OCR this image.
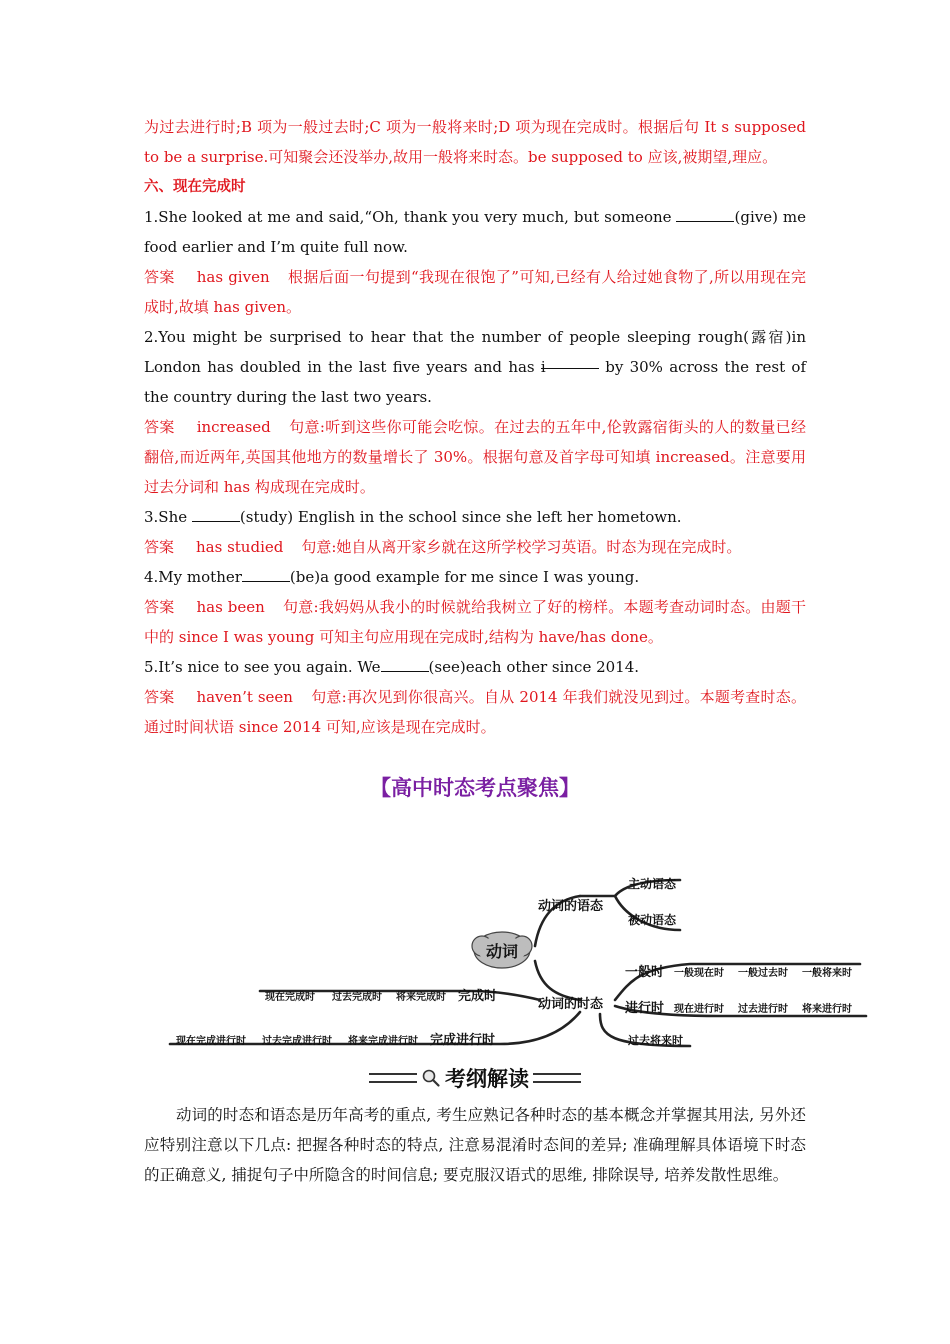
为过去进行时;B 项为一般过去时;C 项为一般将来时;D 项为现在完成时。根据后句 It s supposed to be a surprise.可知聚会还没举办,故用一般将来时态。be supposed to 应该,被期望,理应。

六、现在完成时

1.She looked at me and said,“Oh, thank you very much, but someone	(give) me food earlier and I’m quite full now.

答案 has given 根据后面一句提到“我现在很饱了”可知,已经有人给过她食物了,所以用现在完成时,故填 has given。

2.You might be surprised to hear that the number of people sleeping rough(露宿)in London has doubled in the last five years and has i	by 30% across the rest of the country during the last two years.

答案 increased 句意:听到这些你可能会吃惊。在过去的五年中,伦敦露宿街头的人的数量已经翻倍,而近两年,英国其他地方的数量增长了 30%。根据句意及首字母可知填 increased。注意要用过去分词和 has 构成现在完成时。

3.She	(study) English in the school since she left her hometown.

答案 has studied 句意:她自从离开家乡就在这所学校学习英语。时态为现在完成时。

4.My mother	(be)a good example for me since I was young.

答案 has been 句意:我妈妈从我小的时候就给我树立了好的榜样。本题考查动词时态。由题干中的 since I was young 可知主句应用现在完成时,结构为 have/has done。

5.It’s nice to see you again. We	(see)each other since 2014.

答案 haven’t seen 句意:再次见到你很高兴。自从 2014 年我们就没见到过。本题考查时态。通过时间状语 since 2014 可知,应该是现在完成时。

【高中时态考点聚焦】
动词
动词的语态
主动语态
被动语态
动词的时态
一般时 一般现在时 一般过去时 一般将来时
进行时 现在进行时 过去进行时 将来进行时
过去将来时
现在完成时 过去完成时 将来完成时 完成时
现在完成进行时 过去完成进行时 将来完成进行时 完成进行时
考纲解读

动词的时态和语态是历年高考的重点, 考生应熟记各种时态的基本概念并掌握其用法, 另外还应特别注意以下几点: 把握各种时态的特点, 注意易混淆时态间的差异; 准确理解具体语境下时态的正确意义, 捕捉句子中所隐含的时间信息; 要克服汉语式的思维, 排除误导, 培养发散性思维。
